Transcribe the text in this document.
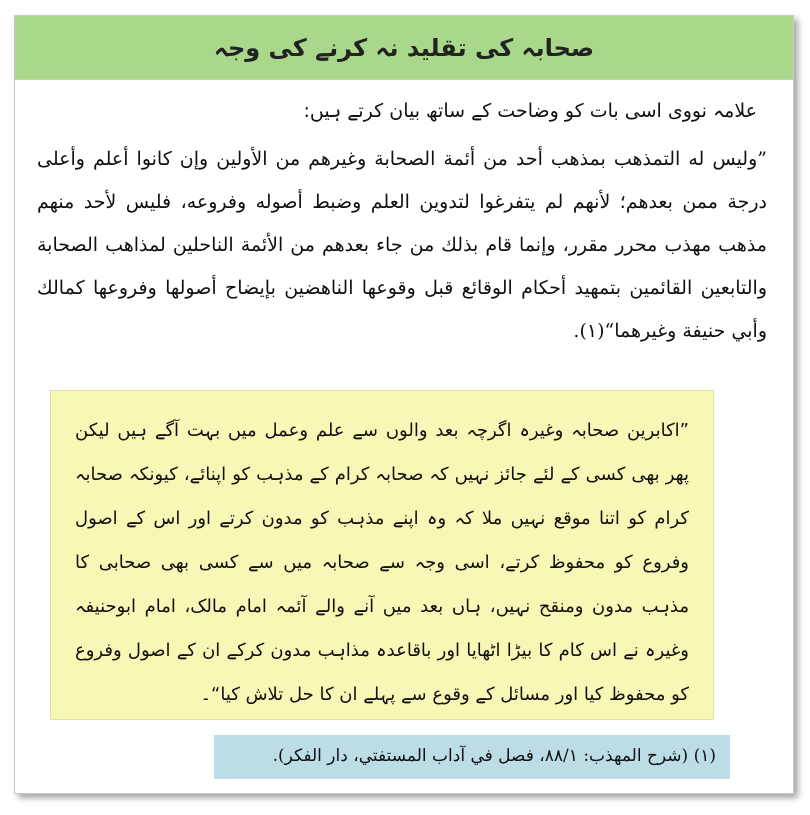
صحابہ کی تقلید نہ کرنے کی وجہ
علامہ نووی اسی بات کو وضاحت کے ساتھ بیان کرتے ہیں:
”وليس له التمذهب بمذهب أحد من أئمة الصحابة وغيرهم من الأولين وإن كانوا أعلم وأعلى درجة ممن بعدهم؛ لأنهم لم يتفرغوا لتدوين العلم وضبط أصوله وفروعه، فليس لأحد منهم مذهب مهذب محرر مقرر، وإنما قام بذلك من جاء بعدهم من الأئمة الناحلين لمذاهب الصحابة والتابعين القائمين بتمهيد أحكام الوقائع قبل وقوعها الناهضين بإيضاح أصولها وفروعها كمالك وأبي حنيفة وغيرهما“(١).
”اکابرین صحابہ وغیرہ اگرچہ بعد والوں سے علم وعمل میں بہت آگے ہیں لیکن پھر بھی کسی کے لئے جائز نہیں کہ صحابہ کرام کے مذہب کو اپنائے، کیونکہ صحابہ کرام کو اتنا موقع نہیں ملا کہ وہ اپنے مذہب کو مدون کرتے اور اس کے اصول وفروع کو محفوظ کرتے، اسی وجہ سے صحابہ میں سے کسی بھی صحابی کا مذہب مدون ومنقح نہیں، ہاں بعد میں آنے والے آئمہ امام مالک، امام ابوحنیفہ وغیرہ نے اس کام کا بیڑا اٹھایا اور باقاعدہ مذاہب مدون کرکے ان کے اصول وفروع کو محفوظ کیا اور مسائل کے وقوع سے پہلے ان کا حل تلاش کیا“۔
(١) (شرح المهذب: ٨٨/١، فصل في آداب المستفتي، دار الفكر).
